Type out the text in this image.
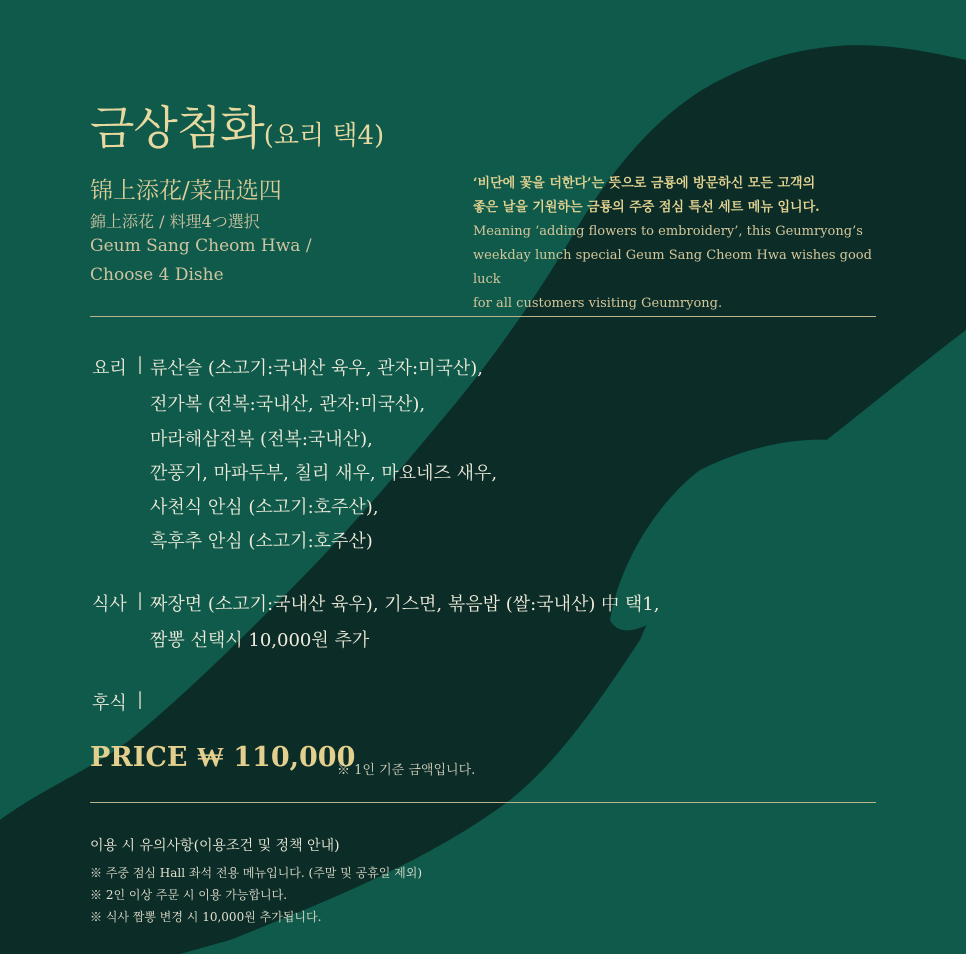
금상첨화(요리 택4)
锦上添花/菜品选四
錦上添花 / 料理4つ選択
Geum Sang Cheom Hwa /
Choose 4 Dishe
‘비단에 꽃을 더한다’는 뜻으로 금룡에 방문하신 모든 고객의
좋은 날을 기원하는 금룡의 주중 점심 특선 세트 메뉴 입니다.
Meaning ‘adding flowers to embroidery’, this Geumryong’s
weekday lunch special Geum Sang Cheom Hwa wishes good luck
for all customers visiting Geumryong.
요리 | 류산슬 (소고기:국내산 육우, 관자:미국산),
전가복 (전복:국내산, 관자:미국산),
마라해삼전복 (전복:국내산),
깐풍기, 마파두부, 칠리 새우, 마요네즈 새우,
사천식 안심 (소고기:호주산),
흑후추 안심 (소고기:호주산)
식사 | 짜장면 (소고기:국내산 육우), 기스면, 볶음밥 (쌀:국내산) 中 택1,
짬뽕 선택시 10,000원 추가
후식 |
PRICE ₩ 110,000
※ 1인 기준 금액입니다.
이용 시 유의사항(이용조건 및 정책 안내)
※ 주중 점심 Hall 좌석 전용 메뉴입니다. (주말 및 공휴일 제외)
※ 2인 이상 주문 시 이용 가능합니다.
※ 식사 짬뽕 변경 시 10,000원 추가됩니다.
